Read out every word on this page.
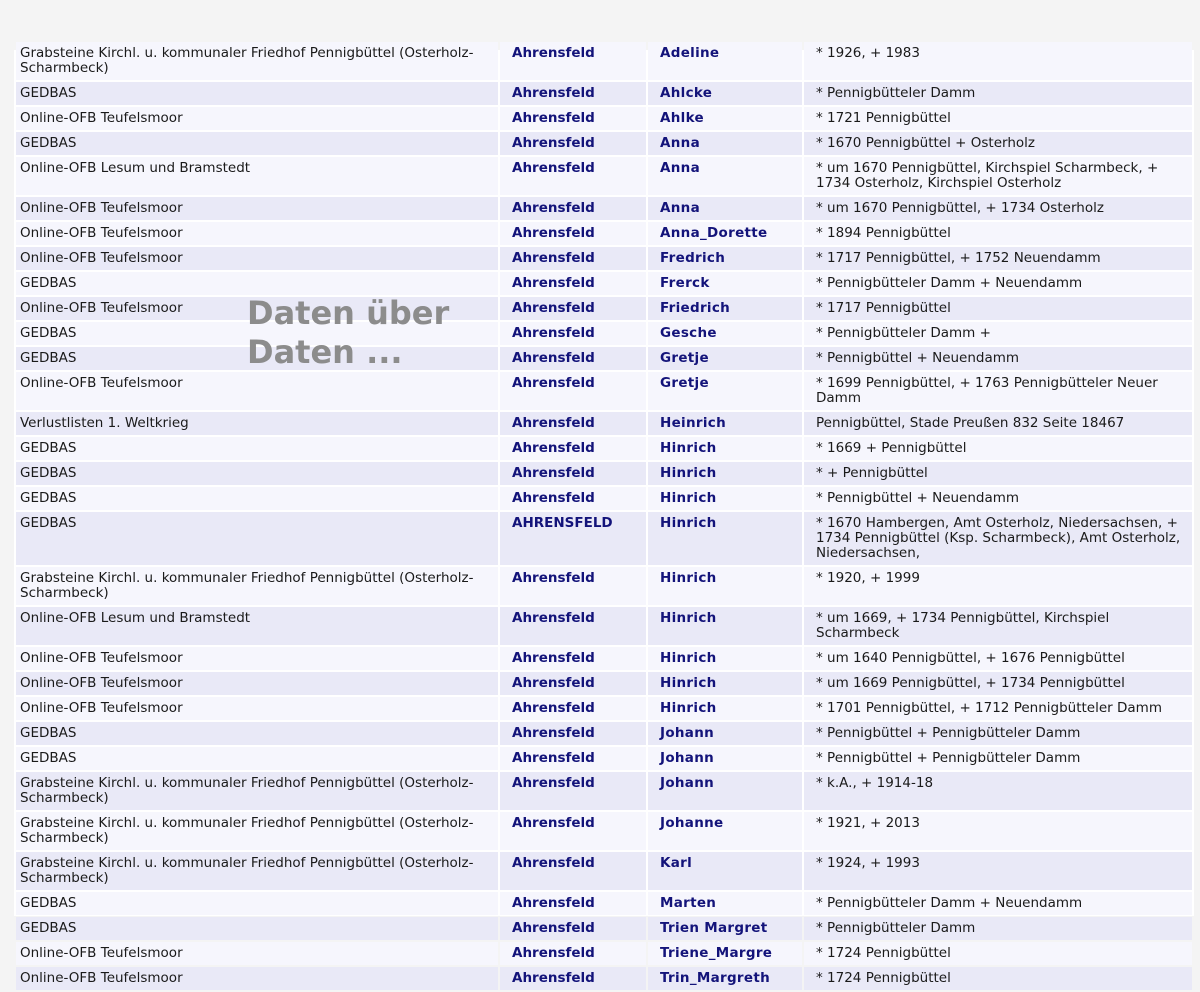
Grabsteine Kirchl. u. kommunaler Friedhof Pennigbüttel (Osterholz-Scharmbeck)	Ahrensfeld	Adeline	* 1926, + 1983
GEDBAS	Ahrensfeld	Ahlcke	* Pennigbütteler Damm
Online-OFB Teufelsmoor	Ahrensfeld	Ahlke	* 1721 Pennigbüttel
GEDBAS	Ahrensfeld	Anna	* 1670 Pennigbüttel + Osterholz
Online-OFB Lesum und Bramstedt	Ahrensfeld	Anna	* um 1670 Pennigbüttel, Kirchspiel Scharmbeck, + 1734 Osterholz, Kirchspiel Osterholz
Online-OFB Teufelsmoor	Ahrensfeld	Anna	* um 1670 Pennigbüttel, + 1734 Osterholz
Online-OFB Teufelsmoor	Ahrensfeld	Anna_Dorette	* 1894 Pennigbüttel
Online-OFB Teufelsmoor	Ahrensfeld	Fredrich	* 1717 Pennigbüttel, + 1752 Neuendamm
GEDBAS	Ahrensfeld	Frerck	* Pennigbütteler Damm + Neuendamm
Online-OFB Teufelsmoor	Ahrensfeld	Friedrich	* 1717 Pennigbüttel
GEDBAS	Ahrensfeld	Gesche	* Pennigbütteler Damm +
GEDBAS	Ahrensfeld	Gretje	* Pennigbüttel + Neuendamm
Online-OFB Teufelsmoor	Ahrensfeld	Gretje	* 1699 Pennigbüttel, + 1763 Pennigbütteler Neuer Damm
Verlustlisten 1. Weltkrieg	Ahrensfeld	Heinrich	Pennigbüttel, Stade Preußen 832 Seite 18467
GEDBAS	Ahrensfeld	Hinrich	* 1669 + Pennigbüttel
GEDBAS	Ahrensfeld	Hinrich	* + Pennigbüttel
GEDBAS	Ahrensfeld	Hinrich	* Pennigbüttel + Neuendamm
GEDBAS	AHRENSFELD	Hinrich	* 1670 Hambergen, Amt Osterholz, Niedersachsen, + 1734 Pennigbüttel (Ksp. Scharmbeck), Amt Osterholz, Niedersachsen,
Grabsteine Kirchl. u. kommunaler Friedhof Pennigbüttel (Osterholz-Scharmbeck)	Ahrensfeld	Hinrich	* 1920, + 1999
Online-OFB Lesum und Bramstedt	Ahrensfeld	Hinrich	* um 1669, + 1734 Pennigbüttel, Kirchspiel Scharmbeck
Online-OFB Teufelsmoor	Ahrensfeld	Hinrich	* um 1640 Pennigbüttel, + 1676 Pennigbüttel
Online-OFB Teufelsmoor	Ahrensfeld	Hinrich	* um 1669 Pennigbüttel, + 1734 Pennigbüttel
Online-OFB Teufelsmoor	Ahrensfeld	Hinrich	* 1701 Pennigbüttel, + 1712 Pennigbütteler Damm
GEDBAS	Ahrensfeld	Johann	* Pennigbüttel + Pennigbütteler Damm
GEDBAS	Ahrensfeld	Johann	* Pennigbüttel + Pennigbütteler Damm
Grabsteine Kirchl. u. kommunaler Friedhof Pennigbüttel (Osterholz-Scharmbeck)	Ahrensfeld	Johann	* k.A., + 1914-18
Grabsteine Kirchl. u. kommunaler Friedhof Pennigbüttel (Osterholz-Scharmbeck)	Ahrensfeld	Johanne	* 1921, + 2013
Grabsteine Kirchl. u. kommunaler Friedhof Pennigbüttel (Osterholz-Scharmbeck)	Ahrensfeld	Karl	* 1924, + 1993
GEDBAS	Ahrensfeld	Marten	* Pennigbütteler Damm + Neuendamm
GEDBAS	Ahrensfeld	Trien Margret	* Pennigbütteler Damm
Online-OFB Teufelsmoor	Ahrensfeld	Triene_Margre	* 1724 Pennigbüttel
Online-OFB Teufelsmoor	Ahrensfeld	Trin_Margreth	* 1724 Pennigbüttel
Daten über
Daten ...
